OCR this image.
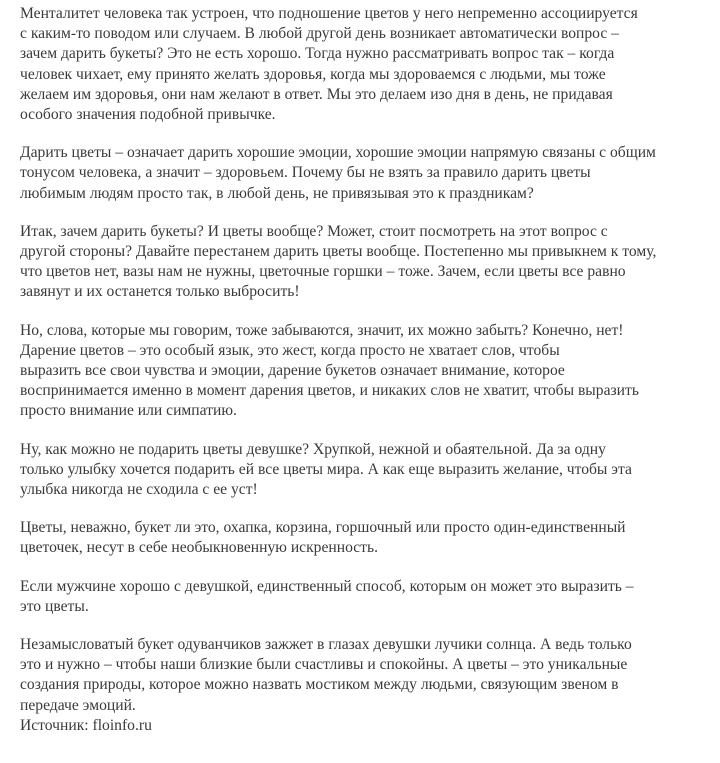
Менталитет человека так устроен, что подношение цветов у него непременно ассоциируется
с каким-то поводом или случаем. В любой другой день возникает автоматически вопрос –
зачем дарить букеты? Это не есть хорошо. Тогда нужно рассматривать вопрос так – когда
человек чихает, ему принято желать здоровья, когда мы здороваемся с людьми, мы тоже
желаем им здоровья, они нам желают в ответ. Мы это делаем изо дня в день, не придавая
особого значения подобной привычке.

Дарить цветы – означает дарить хорошие эмоции, хорошие эмоции напрямую связаны с общим
тонусом человека, а значит – здоровьем. Почему бы не взять за правило дарить цветы
любимым людям просто так, в любой день, не привязывая это к праздникам?

Итак, зачем дарить букеты? И цветы вообще? Может, стоит посмотреть на этот вопрос с
другой стороны? Давайте перестанем дарить цветы вообще. Постепенно мы привыкнем к тому,
что цветов нет, вазы нам не нужны, цветочные горшки – тоже. Зачем, если цветы все равно
завянут и их останется только выбросить!

Но, слова, которые мы говорим, тоже забываются, значит, их можно забыть? Конечно, нет!
Дарение цветов – это особый язык, это жест, когда просто не хватает слов, чтобы
выразить все свои чувства и эмоции, дарение букетов означает внимание, которое
воспринимается именно в момент дарения цветов, и никаких слов не хватит, чтобы выразить
просто внимание или симпатию.

Ну, как можно не подарить цветы девушке? Хрупкой, нежной и обаятельной. Да за одну
только улыбку хочется подарить ей все цветы мира. А как еще выразить желание, чтобы эта
улыбка никогда не сходила с ее уст!

Цветы, неважно, букет ли это, охапка, корзина, горшочный или просто один-единственный
цветочек, несут в себе необыкновенную искренность.

Если мужчине хорошо с девушкой, единственный способ, которым он может это выразить –
это цветы.

Незамысловатый букет одуванчиков зажжет в глазах девушки лучики солнца. А ведь только
это и нужно – чтобы наши близкие были счастливы и спокойны. А цветы – это уникальные
создания природы, которое можно назвать мостиком между людьми, связующим звеном в
передаче эмоций.

Источник: floinfo.ru
